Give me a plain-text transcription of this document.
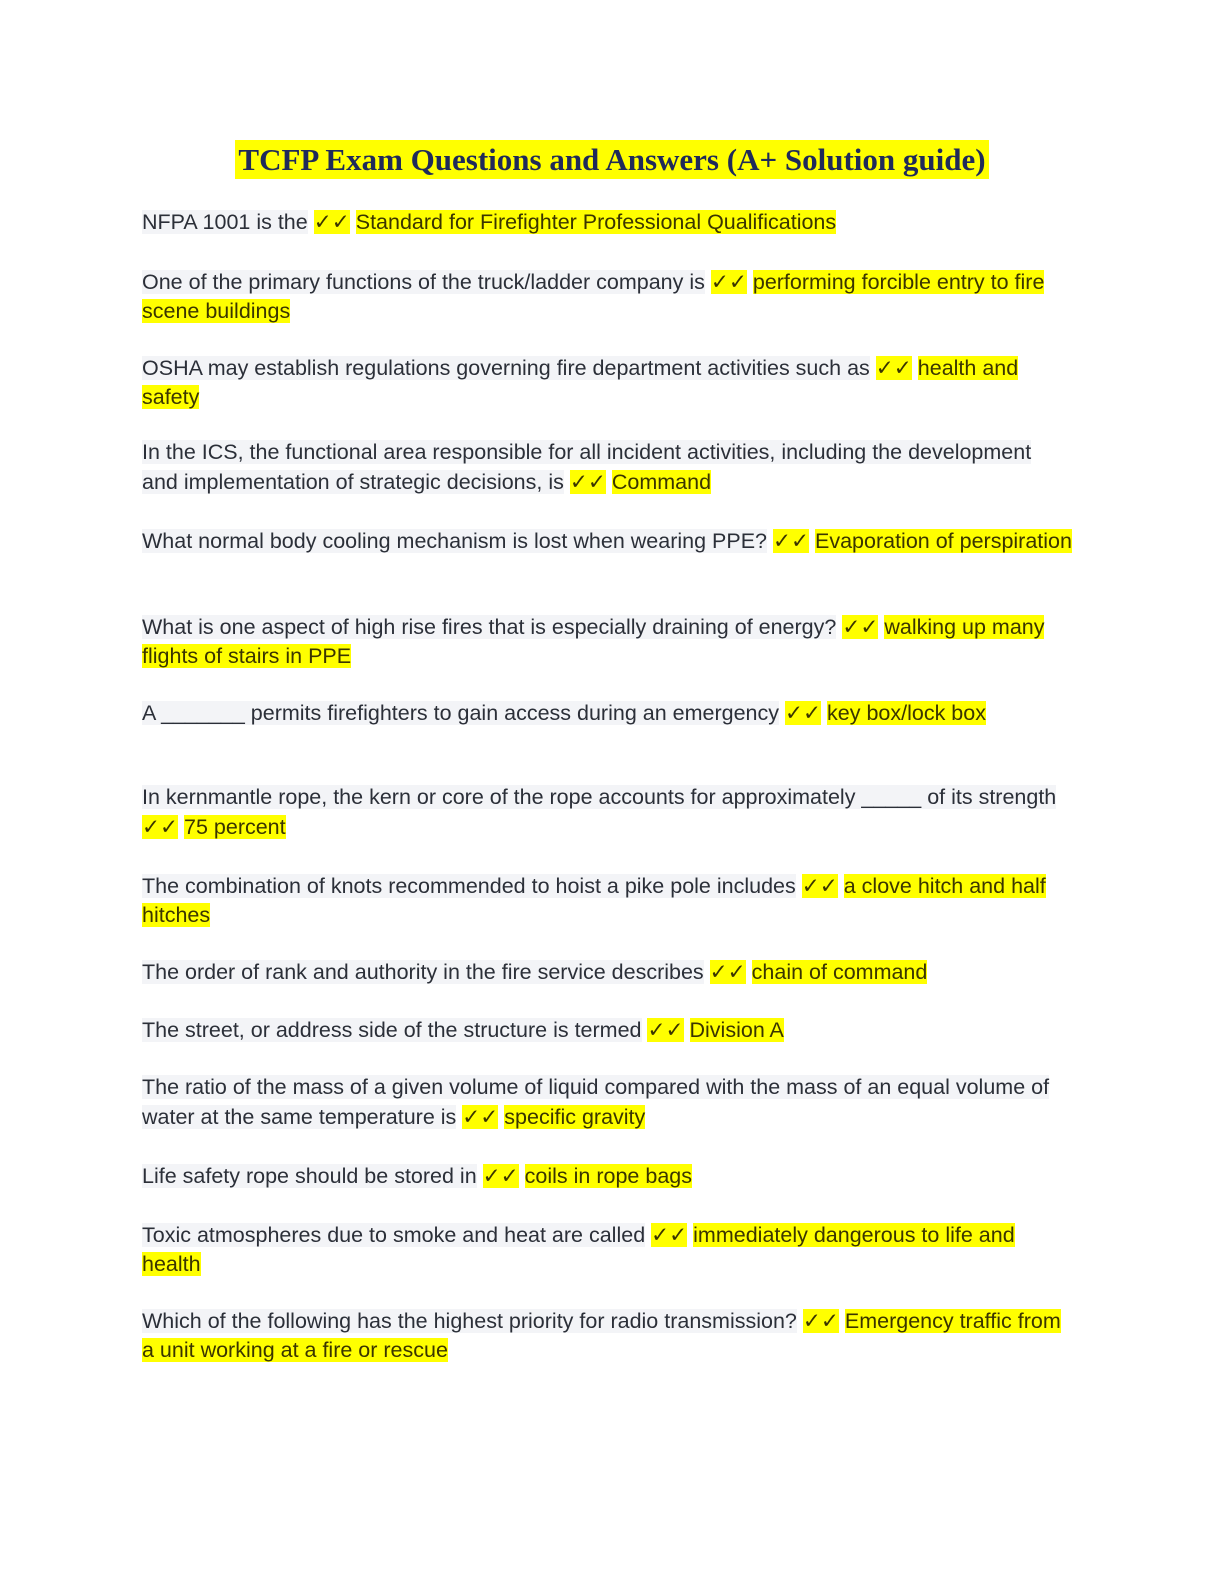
TCFP Exam Questions and Answers (A+ Solution guide)
NFPA 1001 is the ✓✓ Standard for Firefighter Professional Qualifications
One of the primary functions of the truck/ladder company is ✓✓ performing forcible entry to fire scene buildings
OSHA may establish regulations governing fire department activities such as ✓✓ health and safety
In the ICS, the functional area responsible for all incident activities, including the development and implementation of strategic decisions, is ✓✓ Command
What normal body cooling mechanism is lost when wearing PPE? ✓✓ Evaporation of perspiration
What is one aspect of high rise fires that is especially draining of energy? ✓✓ walking up many flights of stairs in PPE
A _______ permits firefighters to gain access during an emergency ✓✓ key box/lock box
In kernmantle rope, the kern or core of the rope accounts for approximately _____ of its strength ✓✓ 75 percent
The combination of knots recommended to hoist a pike pole includes ✓✓ a clove hitch and half hitches
The order of rank and authority in the fire service describes ✓✓ chain of command
The street, or address side of the structure is termed ✓✓ Division A
The ratio of the mass of a given volume of liquid compared with the mass of an equal volume of water at the same temperature is ✓✓ specific gravity
Life safety rope should be stored in ✓✓ coils in rope bags
Toxic atmospheres due to smoke and heat are called ✓✓ immediately dangerous to life and health
Which of the following has the highest priority for radio transmission? ✓✓ Emergency traffic from a unit working at a fire or rescue
